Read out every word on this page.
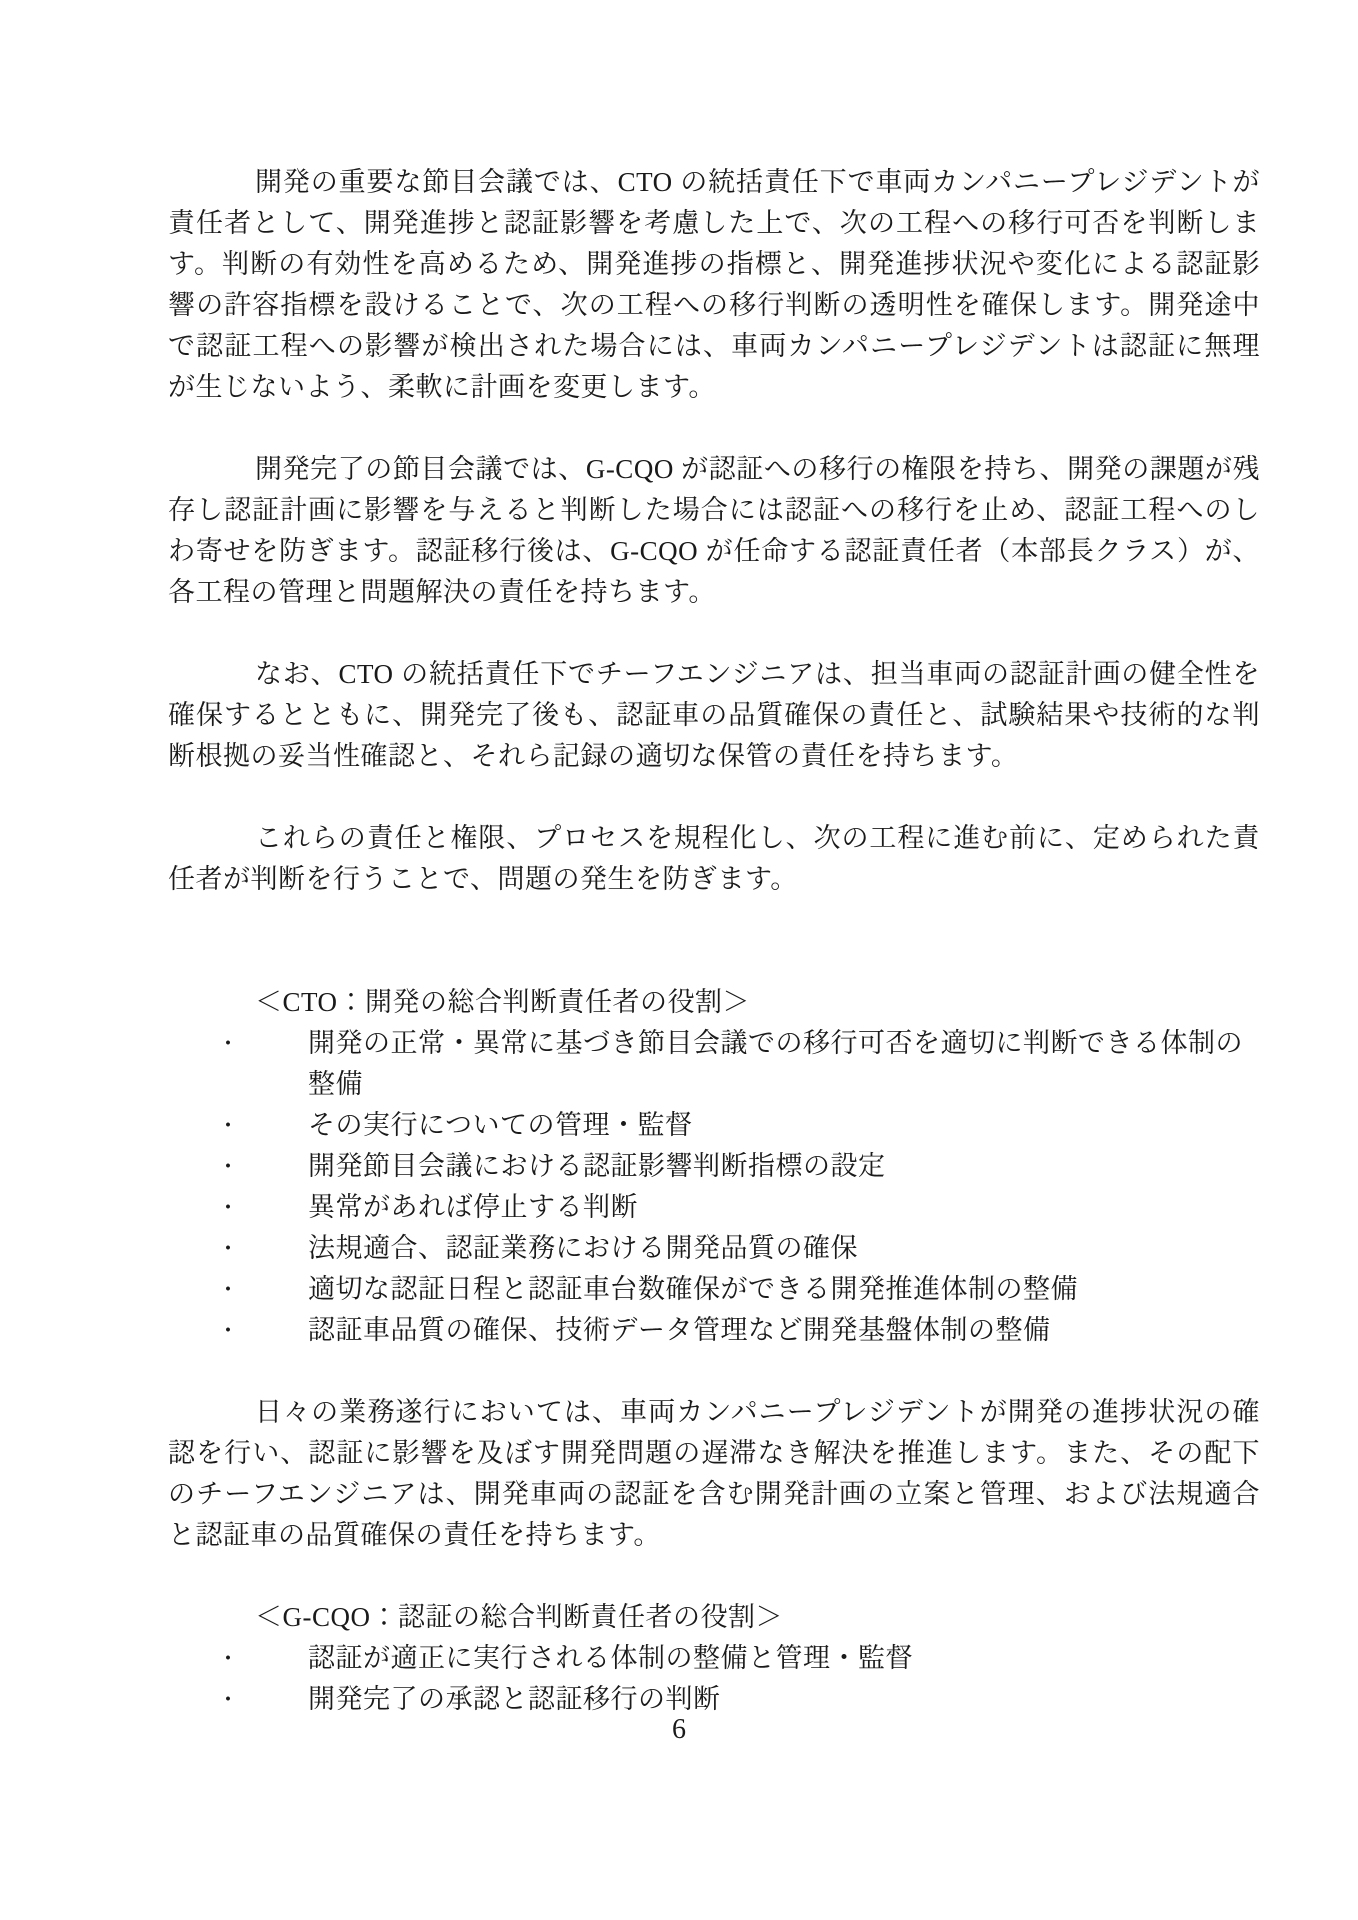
開発の重要な節目会議では、CTO の統括責任下で車両カンパニープレジデントが責任者として、開発進捗と認証影響を考慮した上で、次の工程への移行可否を判断します。判断の有効性を高めるため、開発進捗の指標と、開発進捗状況や変化による認証影響の許容指標を設けることで、次の工程への移行判断の透明性を確保します。開発途中で認証工程への影響が検出された場合には、車両カンパニープレジデントは認証に無理が生じないよう、柔軟に計画を変更します。

開発完了の節目会議では、G-CQO が認証への移行の権限を持ち、開発の課題が残存し認証計画に影響を与えると判断した場合には認証への移行を止め、認証工程へのしわ寄せを防ぎます。認証移行後は、G-CQO が任命する認証責任者（本部長クラス）が、各工程の管理と問題解決の責任を持ちます。

なお、CTO の統括責任下でチーフエンジニアは、担当車両の認証計画の健全性を確保するとともに、開発完了後も、認証車の品質確保の責任と、試験結果や技術的な判断根拠の妥当性確認と、それら記録の適切な保管の責任を持ちます。

これらの責任と権限、プロセスを規程化し、次の工程に進む前に、定められた責任者が判断を行うことで、問題の発生を防ぎます。

＜CTO：開発の総合判断責任者の役割＞
・	開発の正常・異常に基づき節目会議での移行可否を適切に判断できる体制の整備
・	その実行についての管理・監督
・	開発節目会議における認証影響判断指標の設定
・	異常があれば停止する判断
・	法規適合、認証業務における開発品質の確保
・	適切な認証日程と認証車台数確保ができる開発推進体制の整備
・	認証車品質の確保、技術データ管理など開発基盤体制の整備

日々の業務遂行においては、車両カンパニープレジデントが開発の進捗状況の確認を行い、認証に影響を及ぼす開発問題の遅滞なき解決を推進します。また、その配下のチーフエンジニアは、開発車両の認証を含む開発計画の立案と管理、および法規適合と認証車の品質確保の責任を持ちます。

＜G-CQO：認証の総合判断責任者の役割＞
・	認証が適正に実行される体制の整備と管理・監督
・	開発完了の承認と認証移行の判断
6
